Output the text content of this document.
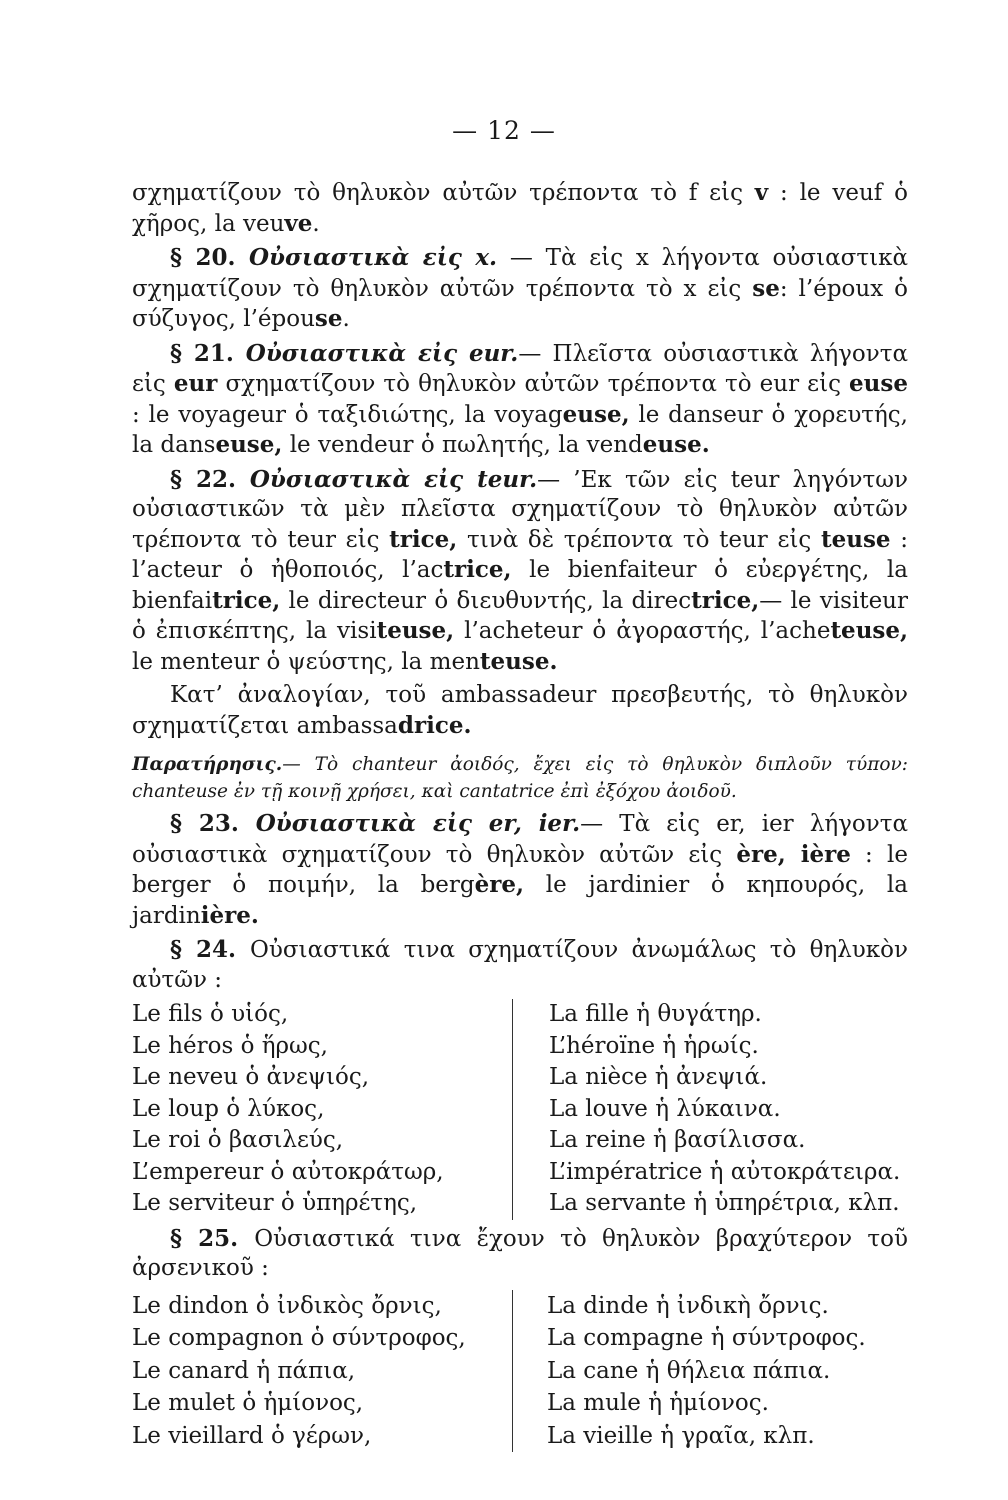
— 12 —

σχηματίζουν τὸ θηλυκὸν αὐτῶν τρέποντα τὸ f εἰς v : le veuf ὁ χῆρος, la veuve.

§ 20. Οὐσιαστικὰ εἰς x. — Τὰ εἰς x λήγοντα οὐσιαστικὰ σχηματίζουν τὸ θηλυκὸν αὐτῶν τρέποντα τὸ x εἰς se: l’époux ὁ σύζυγος, l’épouse.

§ 21. Οὐσιαστικὰ εἰς eur.— Πλεῖστα οὐσιαστικὰ λήγοντα εἰς eur σχηματίζουν τὸ θηλυκὸν αὐτῶν τρέποντα τὸ eur εἰς euse : le voyageur ὁ ταξιδιώτης, la voyageuse, le danseur ὁ χορευτής, la danseuse, le vendeur ὁ πωλητής, la vendeuse.

§ 22. Οὐσιαστικὰ εἰς teur.— ’Εκ τῶν εἰς teur ληγόντων οὐσιαστικῶν τὰ μὲν πλεῖστα σχηματίζουν τὸ θηλυκὸν αὐτῶν τρέποντα τὸ teur εἰς trice, τινὰ δὲ τρέποντα τὸ teur εἰς teuse : l’acteur ὁ ἠθοποιός, l’actrice, le bienfaiteur ὁ εὐεργέτης, la bienfaitrice, le directeur ὁ διευθυντής, la directrice,— le visiteur ὁ ἐπισκέπτης, la visiteuse, l’acheteur ὁ ἀγοραστής, l’acheteuse, le menteur ὁ ψεύστης, la menteuse.

Κατ’ ἀναλογίαν, τοῦ ambassadeur πρεσβευτής, τὸ θηλυκὸν σχηματίζεται ambassadrice.

Παρατήρησις.— Τὸ chanteur ἀοιδός, ἔχει εἰς τὸ θηλυκὸν διπλοῦν τύπον: chanteuse ἐν τῇ κοινῇ χρήσει, καὶ cantatrice ἐπὶ ἐξόχου ἀοιδοῦ.

§ 23. Οὐσιαστικὰ εἰς er, ier.— Τὰ εἰς er, ier λήγοντα οὐσιαστικὰ σχηματίζουν τὸ θηλυκὸν αὐτῶν εἰς ère, ière : le berger ὁ ποιμήν, la bergère, le jardinier ὁ κηπουρός, la jardinière.

§ 24. Οὐσιαστικά τινα σχηματίζουν ἀνωμάλως τὸ θηλυκὸν αὐτῶν :

Le fils ὁ υἱός,	La fille ἡ θυγάτηρ.
Le héros ὁ ἥρως,	L’héroïne ἡ ἡρωίς.
Le neveu ὁ ἀνεψιός,	La nièce ἡ ἀνεψιά.
Le loup ὁ λύκος,	La louve ἡ λύκαινα.
Le roi ὁ βασιλεύς,	La reine ἡ βασίλισσα.
L’empereur ὁ αὐτοκράτωρ,	L’impératrice ἡ αὐτοκράτειρα.
Le serviteur ὁ ὑπηρέτης,	La servante ἡ ὑπηρέτρια, κλπ.

§ 25. Οὐσιαστικά τινα ἔχουν τὸ θηλυκὸν βραχύτερον τοῦ ἀρσενικοῦ :

Le dindon ὁ ἰνδικὸς ὄρνις,	La dinde ἡ ἰνδικὴ ὄρνις.
Le compagnon ὁ σύντροφος,	La compagne ἡ σύντροφος.
Le canard ἡ πάπια,	La cane ἡ θήλεια πάπια.
Le mulet ὁ ἡμίονος,	La mule ἡ ἡμίονος.
Le vieillard ὁ γέρων,	La vieille ἡ γραῖα, κλπ.
